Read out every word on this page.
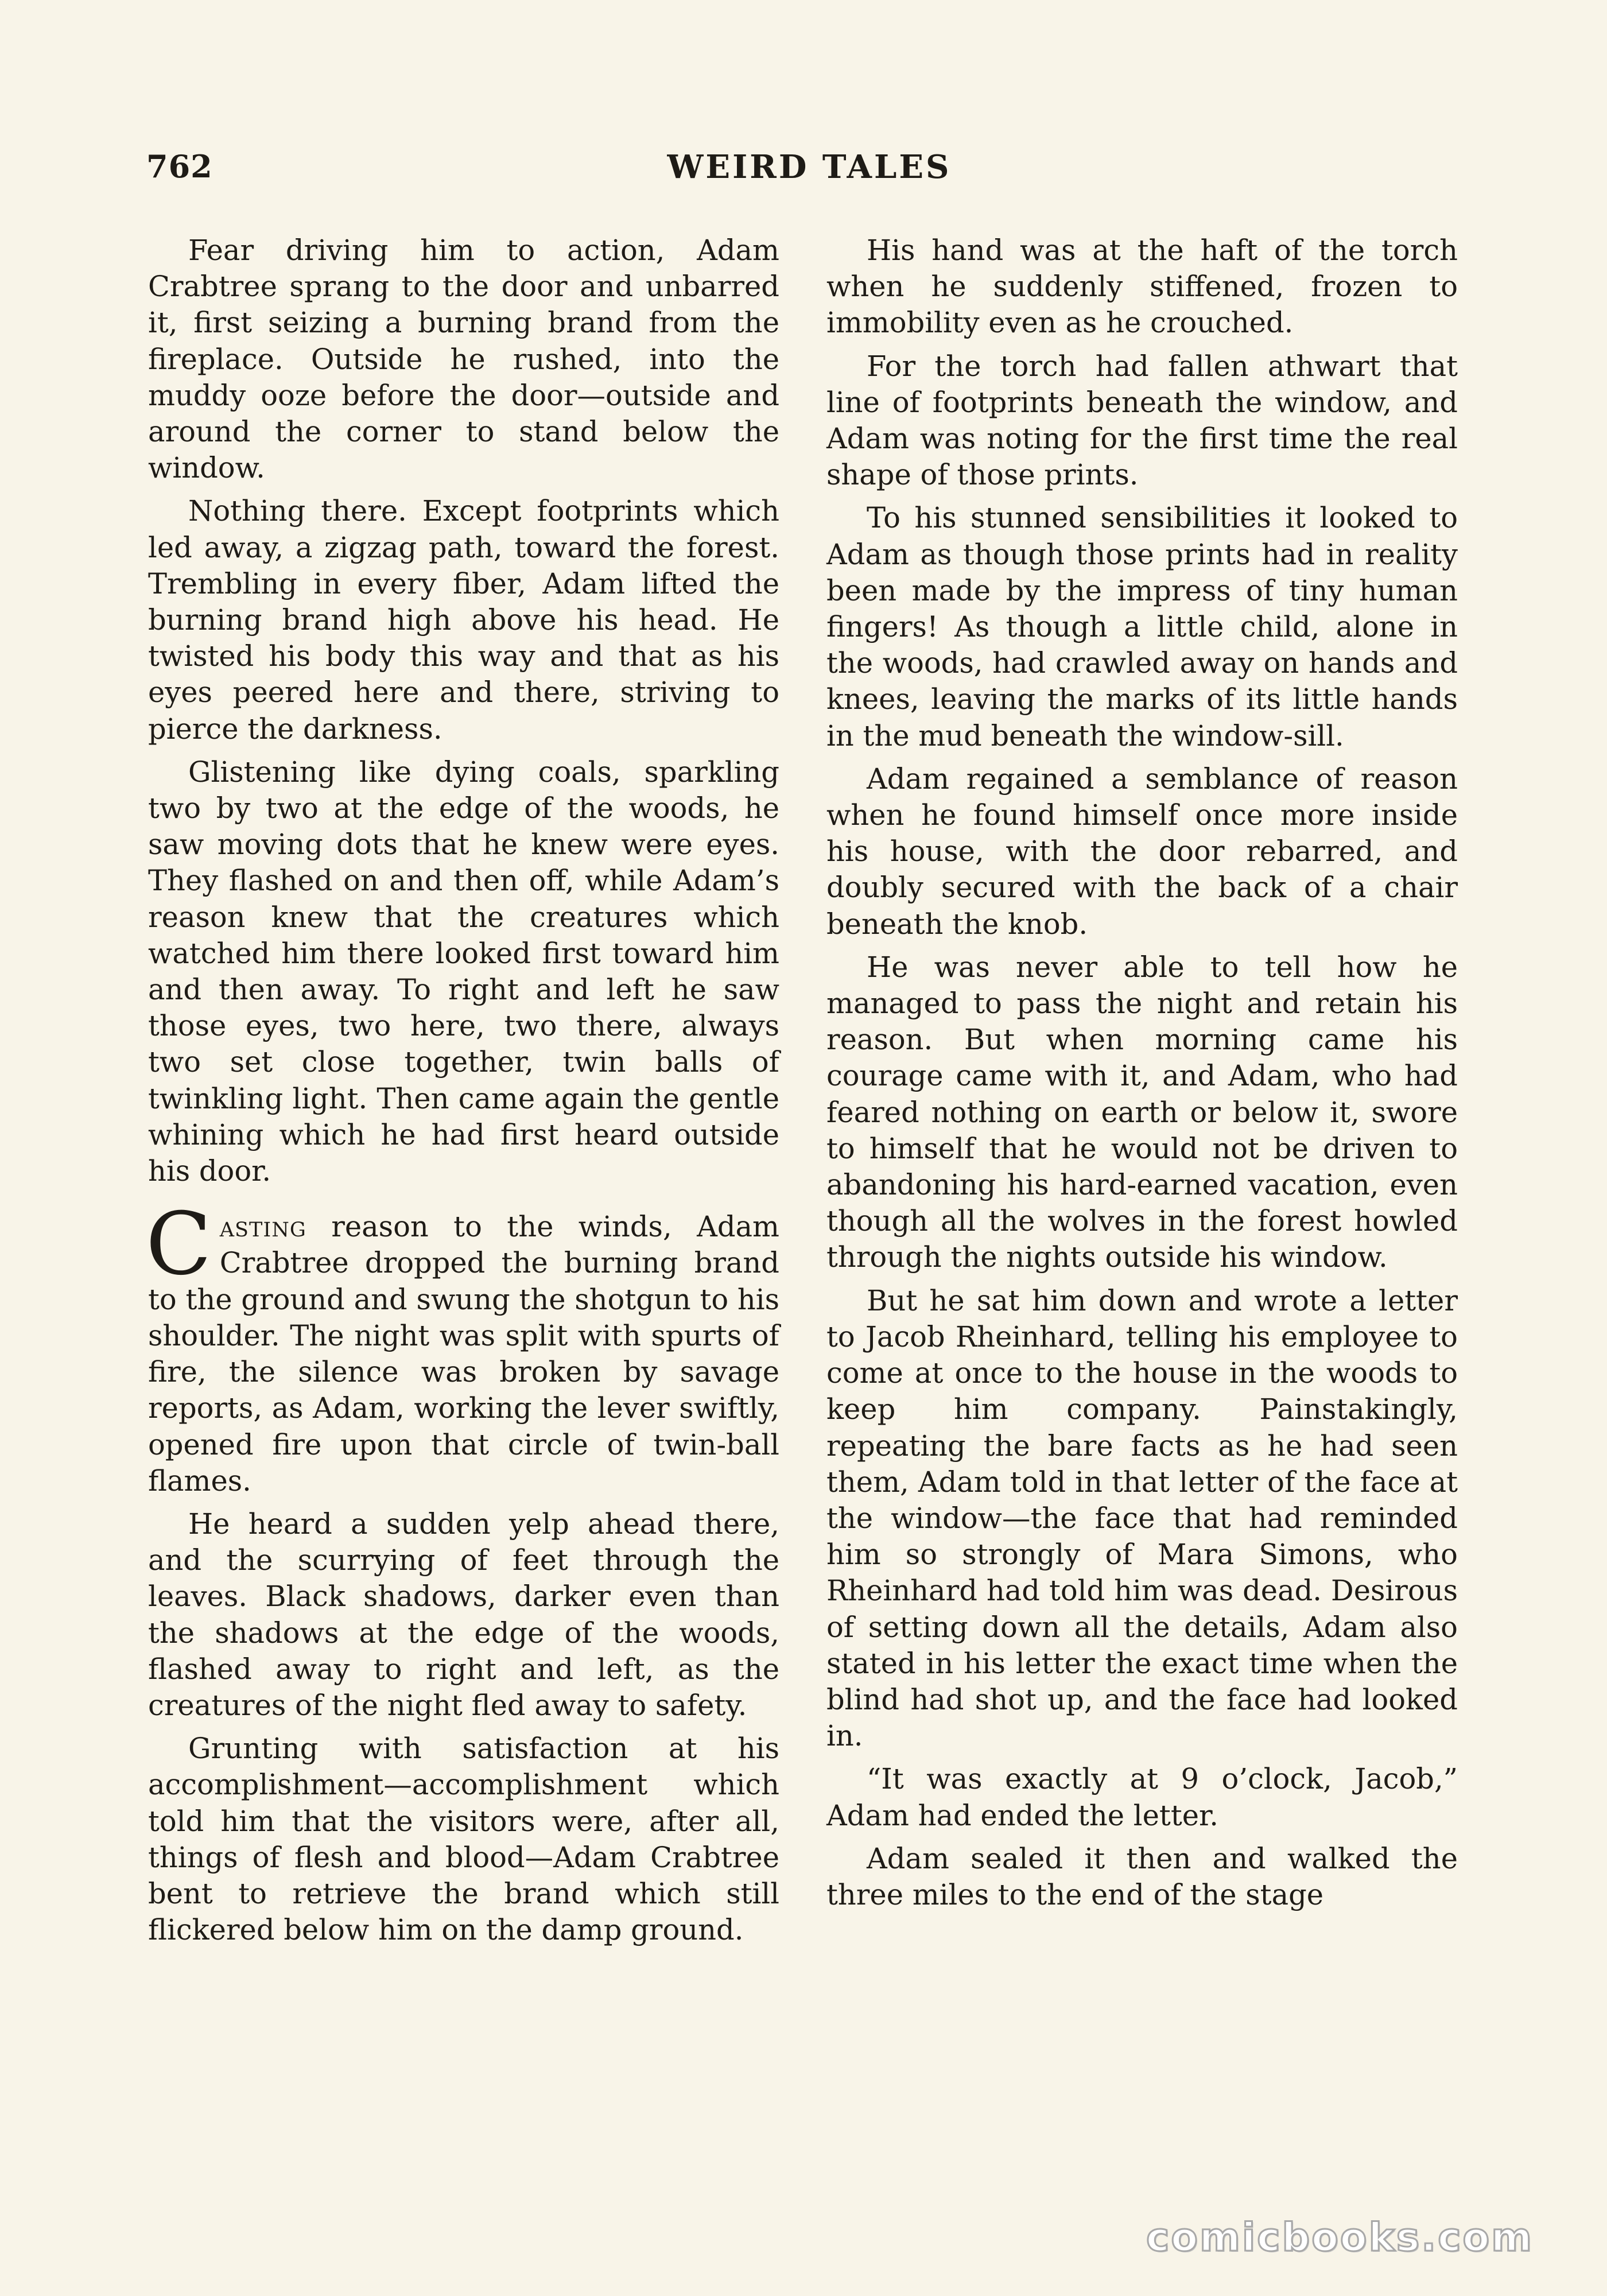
762	WEIRD TALES

Fear driving him to action, Adam Crabtree sprang to the door and unbarred it, first seizing a burning brand from the fireplace. Outside he rushed, into the muddy ooze before the door—outside and around the corner to stand below the window.

Nothing there. Except footprints which led away, a zigzag path, toward the forest. Trembling in every fiber, Adam lifted the burning brand high above his head. He twisted his body this way and that as his eyes peered here and there, striving to pierce the darkness.

Glistening like dying coals, sparkling two by two at the edge of the woods, he saw moving dots that he knew were eyes. They flashed on and then off, while Adam’s reason knew that the creatures which watched him there looked first toward him and then away. To right and left he saw those eyes, two here, two there, always two set close together, twin balls of twinkling light. Then came again the gentle whining which he had first heard outside his door.

Casting reason to the winds, Adam Crabtree dropped the burning brand to the ground and swung the shotgun to his shoulder. The night was split with spurts of fire, the silence was broken by savage reports, as Adam, working the lever swiftly, opened fire upon that circle of twin-ball flames.

He heard a sudden yelp ahead there, and the scurrying of feet through the leaves. Black shadows, darker even than the shadows at the edge of the woods, flashed away to right and left, as the creatures of the night fled away to safety.

Grunting with satisfaction at his accomplishment—accomplishment which told him that the visitors were, after all, things of flesh and blood—Adam Crabtree bent to retrieve the brand which still flickered below him on the damp ground.

His hand was at the haft of the torch when he suddenly stiffened, frozen to immobility even as he crouched.

For the torch had fallen athwart that line of footprints beneath the window, and Adam was noting for the first time the real shape of those prints.

To his stunned sensibilities it looked to Adam as though those prints had in reality been made by the impress of tiny human fingers! As though a little child, alone in the woods, had crawled away on hands and knees, leaving the marks of its little hands in the mud beneath the window-sill.

Adam regained a semblance of reason when he found himself once more inside his house, with the door rebarred, and doubly secured with the back of a chair beneath the knob.

He was never able to tell how he managed to pass the night and retain his reason. But when morning came his courage came with it, and Adam, who had feared nothing on earth or below it, swore to himself that he would not be driven to abandoning his hard-earned vacation, even though all the wolves in the forest howled through the nights outside his window.

But he sat him down and wrote a letter to Jacob Rheinhard, telling his employee to come at once to the house in the woods to keep him company. Painstakingly, repeating the bare facts as he had seen them, Adam told in that letter of the face at the window—the face that had reminded him so strongly of Mara Simons, who Rheinhard had told him was dead. Desirous of setting down all the details, Adam also stated in his letter the exact time when the blind had shot up, and the face had looked in.

“It was exactly at 9 o’clock, Jacob,” Adam had ended the letter.

Adam sealed it then and walked the three miles to the end of the stage

comicbooks.com
